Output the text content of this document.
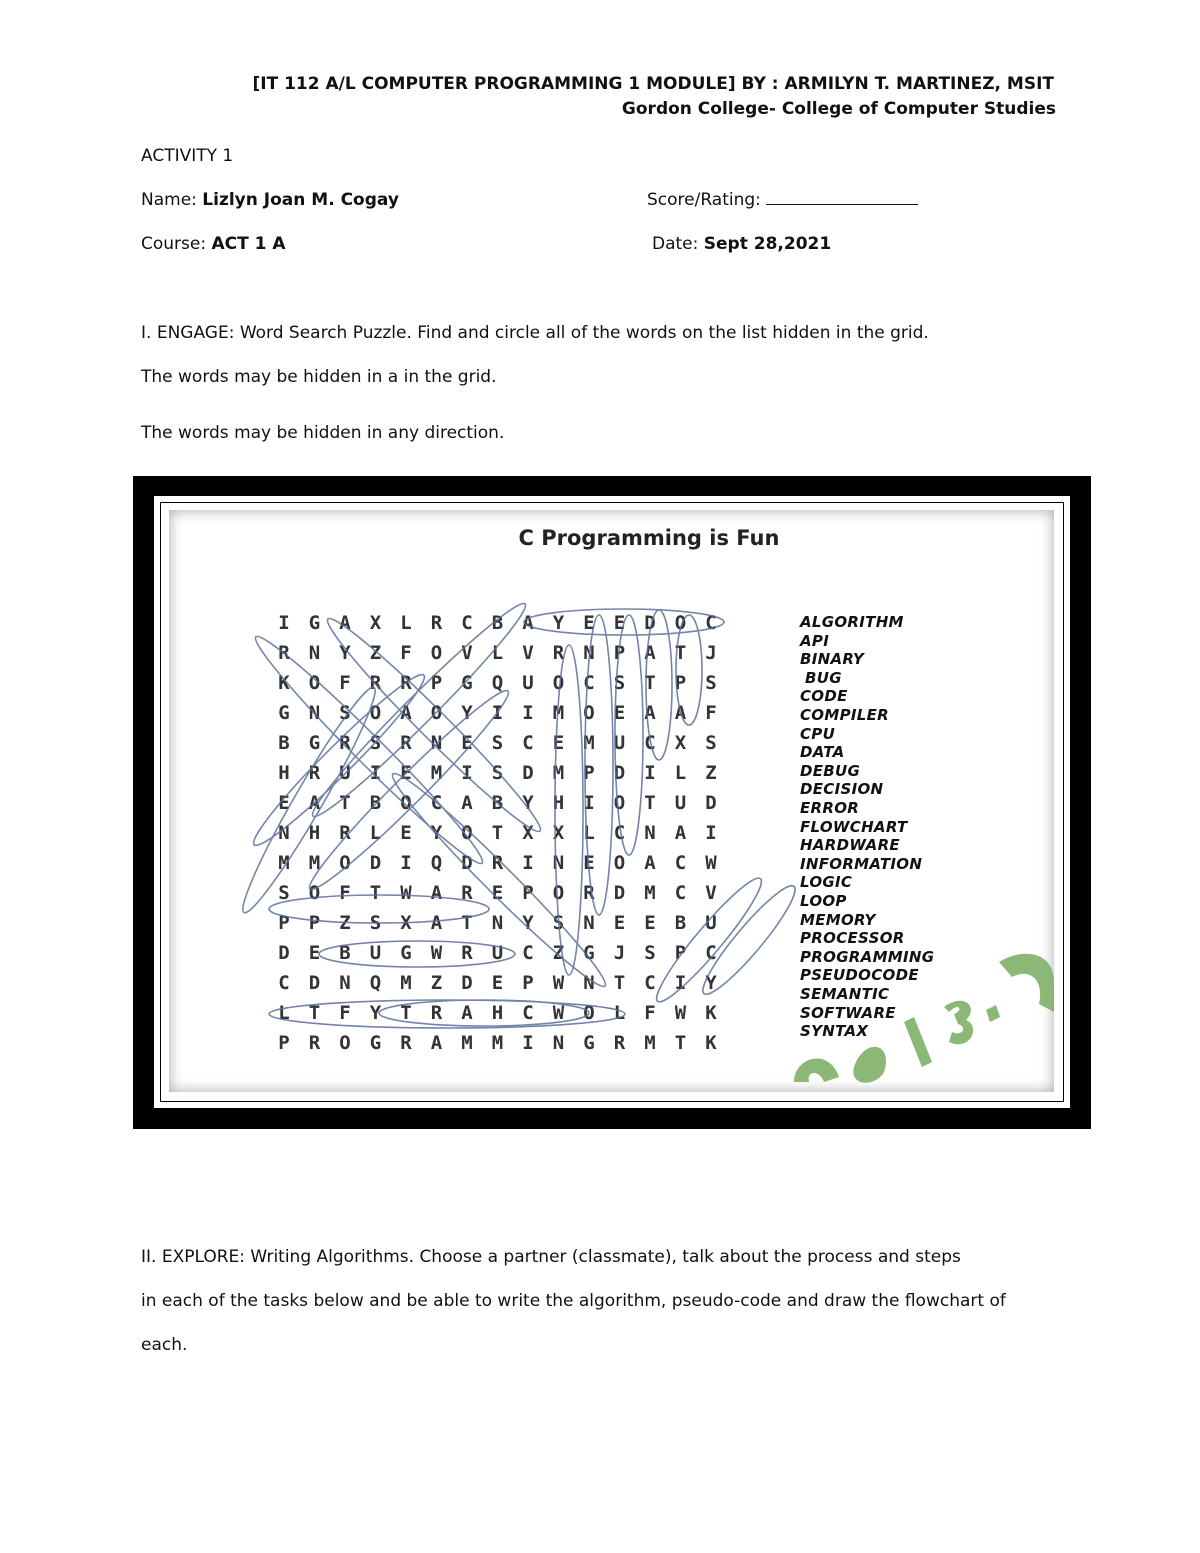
[IT 112 A/L COMPUTER PROGRAMMING 1 MODULE] BY : ARMILYN T. MARTINEZ, MSIT
Gordon College- College of Computer Studies
ACTIVITY 1
Name: Lizlyn Joan M. Cogay	Score/Rating:
Course: ACT 1 A	Date: Sept 28,2021
I. ENGAGE: Word Search Puzzle. Find and circle all of the words on the list hidden in the grid.
The words may be hidden in a in the grid.
The words may be hidden in any direction.
C Programming is Fun
I	G	A	X	L	R	C	B	A	Y	E	E	D	O	C
R	N	Y	Z	F	O	V	L	V	R	N	P	A	T	J
K	O	F	R	R	P	G	Q	U	O	C	S	T	P	S
G	N	S	O	A	O	Y	I	I	M	O	E	A	A	F
B	G	R	S	R	N	E	S	C	E	M	U	C	X	S
H	R	U	I	E	M	I	S	D	M	P	D	I	L	Z
E	A	T	B	O	C	A	B	Y	H	I	O	T	U	D
N	H	R	L	E	Y	O	T	X	X	L	C	N	A	I
M	M	O	D	I	Q	D	R	I	N	E	O	A	C	W
S	O	F	T	W	A	R	E	P	O	R	D	M	C	V
P	P	Z	S	X	A	T	N	Y	S	N	E	E	B	U
D	E	B	U	G	W	R	U	C	Z	G	J	S	P	C
C	D	N	Q	M	Z	D	E	P	W	N	T	C	I	Y
L	T	F	Y	T	R	A	H	C	W	O	L	F	W	K
P	R	O	G	R	A	M	M	I	N	G	R	M	T	K
ALGORITHM
API
BINARY
BUG
CODE
COMPILER
CPU
DATA
DEBUG
DECISION
ERROR
FLOWCHART
HARDWARE
INFORMATION
LOGIC
LOOP
MEMORY
PROCESSOR
PROGRAMMING
PSEUDOCODE
SEMANTIC
SOFTWARE
SYNTAX
II. EXPLORE: Writing Algorithms. Choose a partner (classmate), talk about the process and steps
in each of the tasks below and be able to write the algorithm, pseudo-code and draw the flowchart of
each.
